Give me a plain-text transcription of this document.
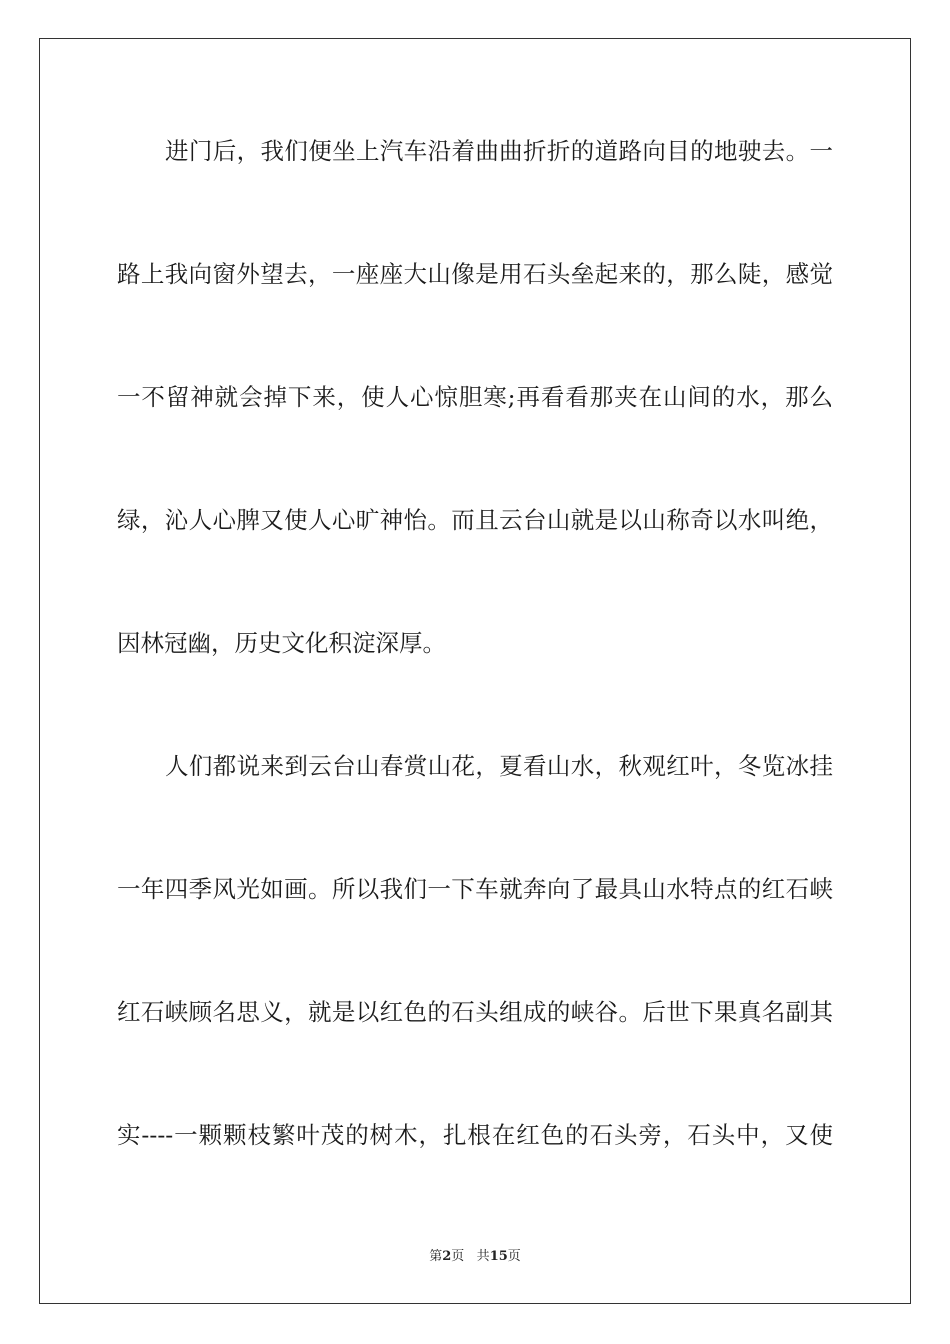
进门后，我们便坐上汽车沿着曲曲折折的道路向目的地驶去。一
路上我向窗外望去，一座座大山像是用石头垒起来的，那么陡，感觉
一不留神就会掉下来，使人心惊胆寒;再看看那夹在山间的水，那么
绿，沁人心脾又使人心旷神怡。而且云台山就是以山称奇以水叫绝，
因林冠幽，历史文化积淀深厚。
人们都说来到云台山春赏山花，夏看山水，秋观红叶，冬览冰挂
一年四季风光如画。所以我们一下车就奔向了最具山水特点的红石峡
红石峡顾名思义，就是以红色的石头组成的峡谷。后世下果真名副其
实----一颗颗枝繁叶茂的树木，扎根在红色的石头旁，石头中，又使
第2页 共15页
